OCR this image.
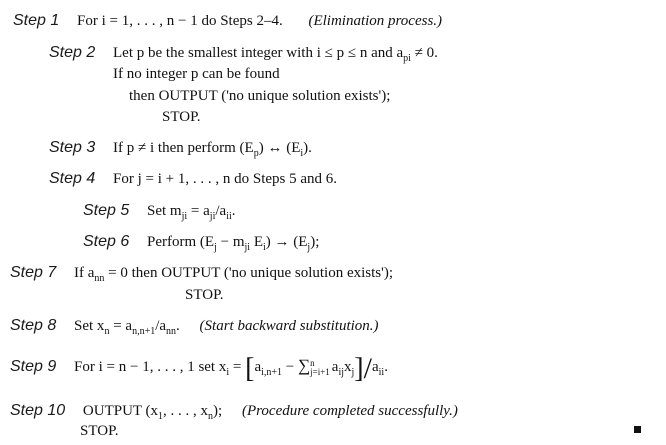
Step 1 For i = 1, . . . , n − 1 do Steps 2–4. (Elimination process.)
Step 2 Let p be the smallest integer with i ≤ p ≤ n and $a_{pi} \ne 0$.
If no integer p can be found
then OUTPUT ('no unique solution exists');
STOP.
Step 3 If p ≠ i then perform $(E_p)$ ↔ $(E_i)$.
Step 4 For j = i + 1, . . . , n do Steps 5 and 6.
Step 5 Set $m_{ji} = a_{ji}/a_{ii}$.
Step 6 Perform ($E_j - m_{ji}$ $E_i) \to (E_j)$;
Step 7 If $a_{nn} = 0$ then OUTPUT ('no unique solution exists');
STOP.
Step 8 Set $x_n = a_{n,n+1}/a_{nn}$. (Start backward substitution.)
Step 9 For i = n − 1, . . . , 1 set $x_i = [a_{i,n+1}$ − ∑ n
j=i+1 $a_{ij}x_j]/a_{ii}$.
Step 10 OUTPUT ($x_1$, . . . , $x_n$); (Procedure completed successfully.)
STOP.
